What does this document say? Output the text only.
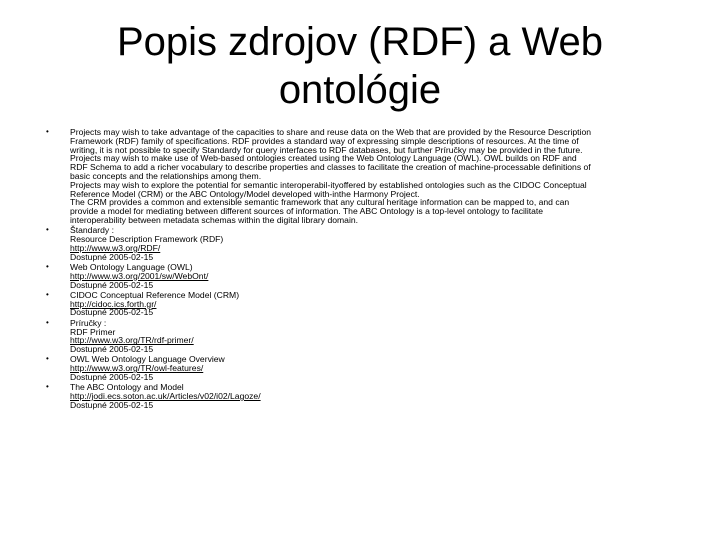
Popis zdrojov (RDF) a Web ontológie
• Projects may wish to take advantage of the capacities to share and reuse data on the Web that are provided by the Resource Description
Framework (RDF) family of specifications. RDF provides a standard way of expressing simple descriptions of resources. At the time of
writing, it is not possible to specify Standardy for query interfaces to RDF databases, but further Príručky may be provided in the future.
Projects may wish to make use of Web-based ontologies created using the Web Ontology Language (OWL). OWL builds on RDF and
RDF Schema to add a richer vocabulary to describe properties and classes to facilitate the creation of machine-processable definitions of
basic concepts and the relationships among them.
Projects may wish to explore the potential for semantic interoperabil-ityoffered by established ontologies such as the CIDOC Conceptual
Reference Model (CRM) or the ABC Ontology/Model developed with-inthe Harmony Project.
The CRM provides a common and extensible semantic framework that any cultural heritage information can be mapped to, and can
provide a model for mediating between different sources of information. The ABC Ontology is a top-level ontology to facilitate
interoperability between metadata schemas within the digital library domain.
• Štandardy :
Resource Description Framework (RDF)
http://www.w3.org/RDF/
Dostupné 2005-02-15
• Web Ontology Language (OWL)
http://www.w3.org/2001/sw/WebOnt/
Dostupné 2005-02-15
• CIDOC Conceptual Reference Model (CRM)
http://cidoc.ics.forth.gr/
Dostupné 2005-02-15
• Príručky :
RDF Primer
http://www.w3.org/TR/rdf-primer/
Dostupné 2005-02-15
• OWL Web Ontology Language Overview
http://www.w3.org/TR/owl-features/
Dostupné 2005-02-15
• The ABC Ontology and Model
http://jodi.ecs.soton.ac.uk/Articles/v02/i02/Lagoze/
Dostupné 2005-02-15
